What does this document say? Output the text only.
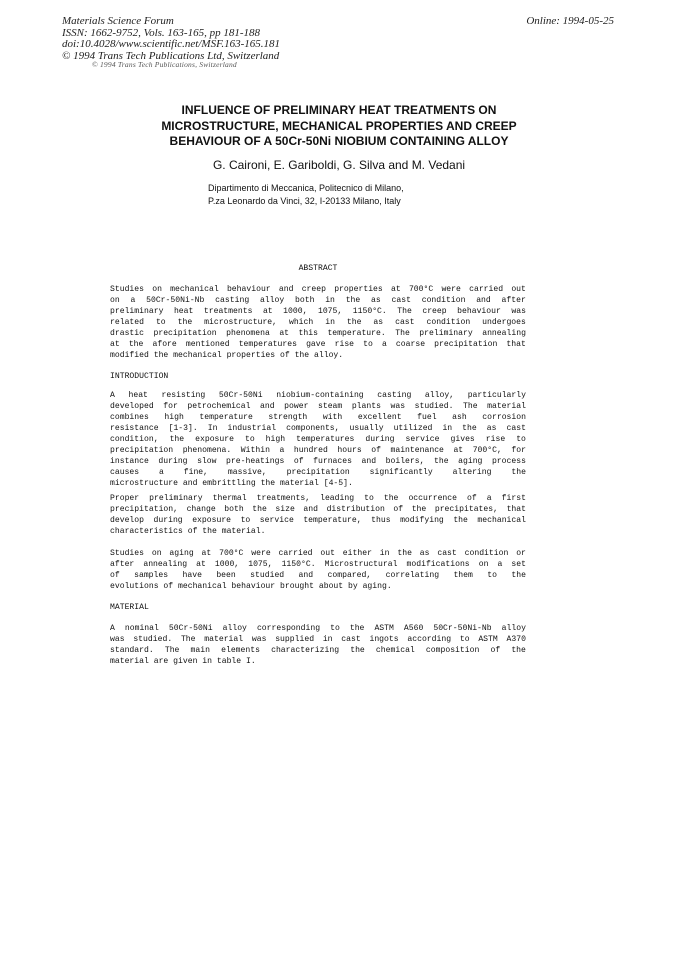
Materials Science Forum
ISSN: 1662-9752, Vols. 163-165, pp 181-188
doi:10.4028/www.scientific.net/MSF.163-165.181
© 1994 Trans Tech Publications Ltd, Switzerland
Online: 1994-05-25
© 1994 Trans Tech Publications, Switzerland
INFLUENCE OF PRELIMINARY HEAT TREATMENTS ON
MICROSTRUCTURE, MECHANICAL PROPERTIES AND CREEP
BEHAVIOUR OF A 50Cr-50Ni NIOBIUM CONTAINING ALLOY
G. Caironi, E. Gariboldi, G. Silva and M. Vedani
Dipartimento di Meccanica, Politecnico di Milano,
P.za Leonardo da Vinci, 32, I-20133 Milano, Italy
ABSTRACT
Studies on mechanical behaviour and creep properties at 700°C were carried out
on a 50Cr-50Ni-Nb casting alloy both in the as cast condition and after
preliminary heat treatments at 1000, 1075, 1150°C. The creep behaviour was
related to the microstructure, which in the as cast condition undergoes
drastic precipitation phenomena at this temperature. The preliminary annealing
at the afore mentioned temperatures gave rise to a coarse precipitation that
modified the mechanical properties of the alloy.
INTRODUCTION
A heat resisting 50Cr-50Ni niobium-containing casting alloy, particularly
developed for petrochemical and power steam plants was studied. The material
combines high temperature strength with excellent fuel ash corrosion
resistance [1-3]. In industrial components, usually utilized in the as cast
condition, the exposure to high temperatures during service gives rise to
precipitation phenomena. Within a hundred hours of maintenance at 700°C, for
instance during slow pre-heatings of furnaces and boilers, the aging process
causes a fine, massive, precipitation significantly altering the
microstructure and embrittling the material [4-5].
Proper preliminary thermal treatments, leading to the occurrence of a first
precipitation, change both the size and distribution of the precipitates, that
develop during exposure to service temperature, thus modifying the mechanical
characteristics of the material.
Studies on aging at 700°C were carried out either in the as cast condition or
after annealing at 1000, 1075, 1150°C. Microstructural modifications on a set
of samples have been studied and compared, correlating them to the
evolutions of mechanical behaviour brought about by aging.
MATERIAL
A nominal 50Cr-50Ni alloy corresponding to the ASTM A560 50Cr-50Ni-Nb alloy
was studied. The material was supplied in cast ingots according to ASTM A370
standard. The main elements characterizing the chemical composition of the
material are given in table I.
